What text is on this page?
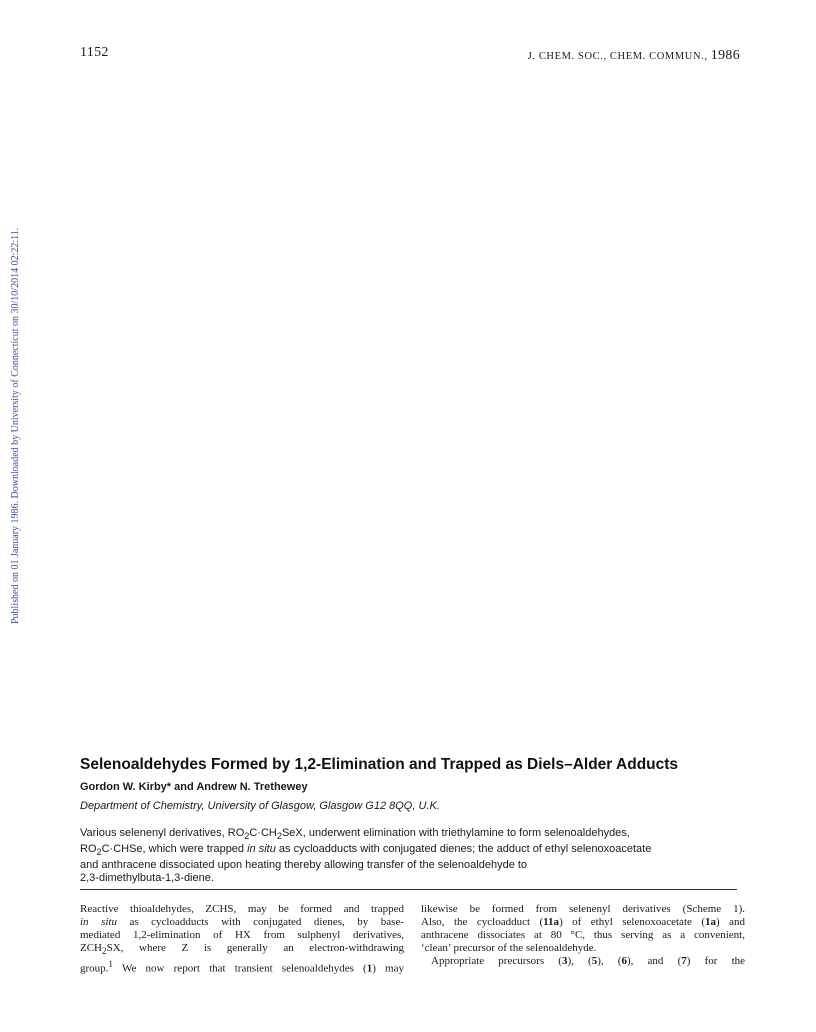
1152	J. CHEM. SOC., CHEM. COMMUN., 1986
Published on 01 January 1986. Downloaded by University of Connecticut on 30/10/2014 02:22:11.
Selenoaldehydes Formed by 1,2-Elimination and Trapped as Diels–Alder Adducts
Gordon W. Kirby* and Andrew N. Trethewey
Department of Chemistry, University of Glasgow, Glasgow G12 8QQ, U.K.
Various selenenyl derivatives, $RO_2C\cdot CH_2SeX$, underwent elimination with triethylamine to form selenoaldehydes,
$RO_2C\cdot CHSe$, which were trapped in situ as cycloadducts with conjugated dienes; the adduct of ethyl selenoxoacetate
and anthracene dissociated upon heating thereby allowing transfer of the selenoaldehyde to
2,3-dimethylbuta-1,3-diene.
Reactive thioaldehydes, ZCHS, may be formed and trapped
in situ as cycloadducts with conjugated dienes, by base-
mediated 1,2-elimination of HX from sulphenyl derivatives,
$ZCH_2SX$, where Z is generally an electron-withdrawing
group.$^1$ We now report that transient selenoaldehydes (1) may
likewise be formed from selenenyl derivatives (Scheme 1).
Also, the cycloadduct (11a) of ethyl selenoxoacetate (1a) and
anthracene dissociates at 80 °C, thus serving as a convenient,
‘clean’ precursor of the selenoaldehyde.
Appropriate precursors (3), (5), (6), and (7) for the
